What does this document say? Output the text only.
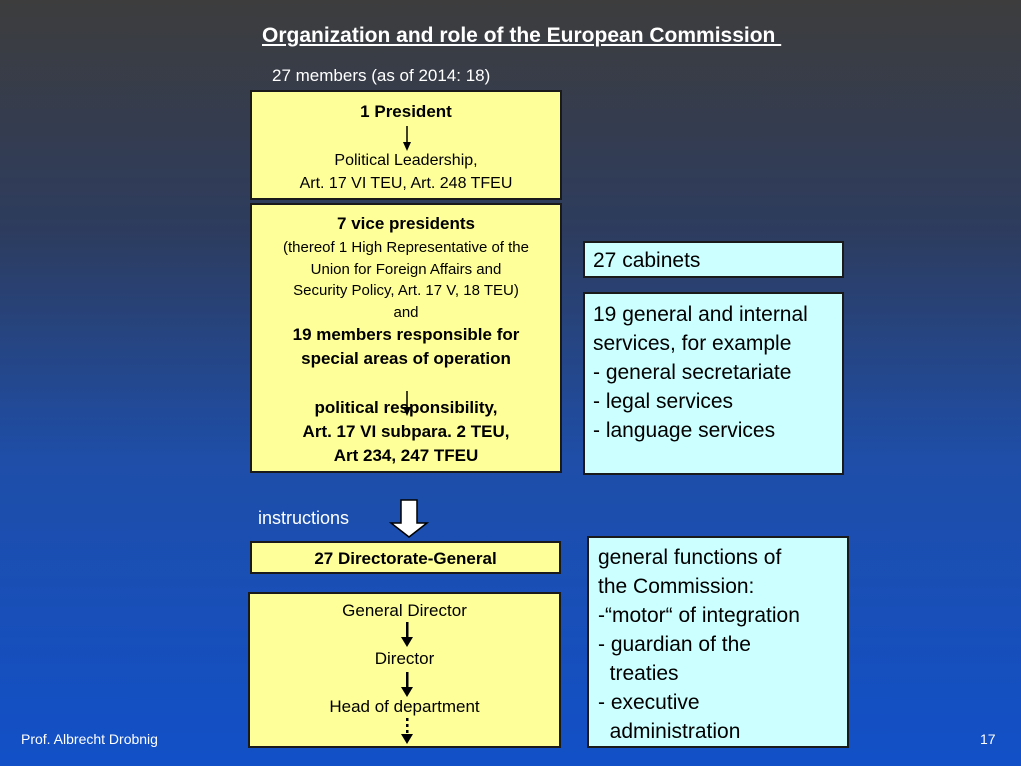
Organization and role of the European Commission
27 members (as of 2014: 18)
1 President
Political Leadership,
Art. 17 VI TEU, Art. 248 TFEU
7 vice presidents
(thereof 1 High Representative of the
Union for Foreign Affairs and
Security Policy, Art. 17 V, 18 TEU)
and
19 members responsible for
special areas of operation
political responsibility,
Art. 17 VI subpara. 2 TEU,
Art 234, 247 TFEU
27 cabinets
19 general and internal
services, for example
- general secretariate
- legal services
- language services
instructions
27 Directorate-General
General Director
Director
Head of department
general functions of
the Commission:
-“motor“ of integration
- guardian of the
treaties
- executive
administration
Prof. Albrecht Drobnig	17
